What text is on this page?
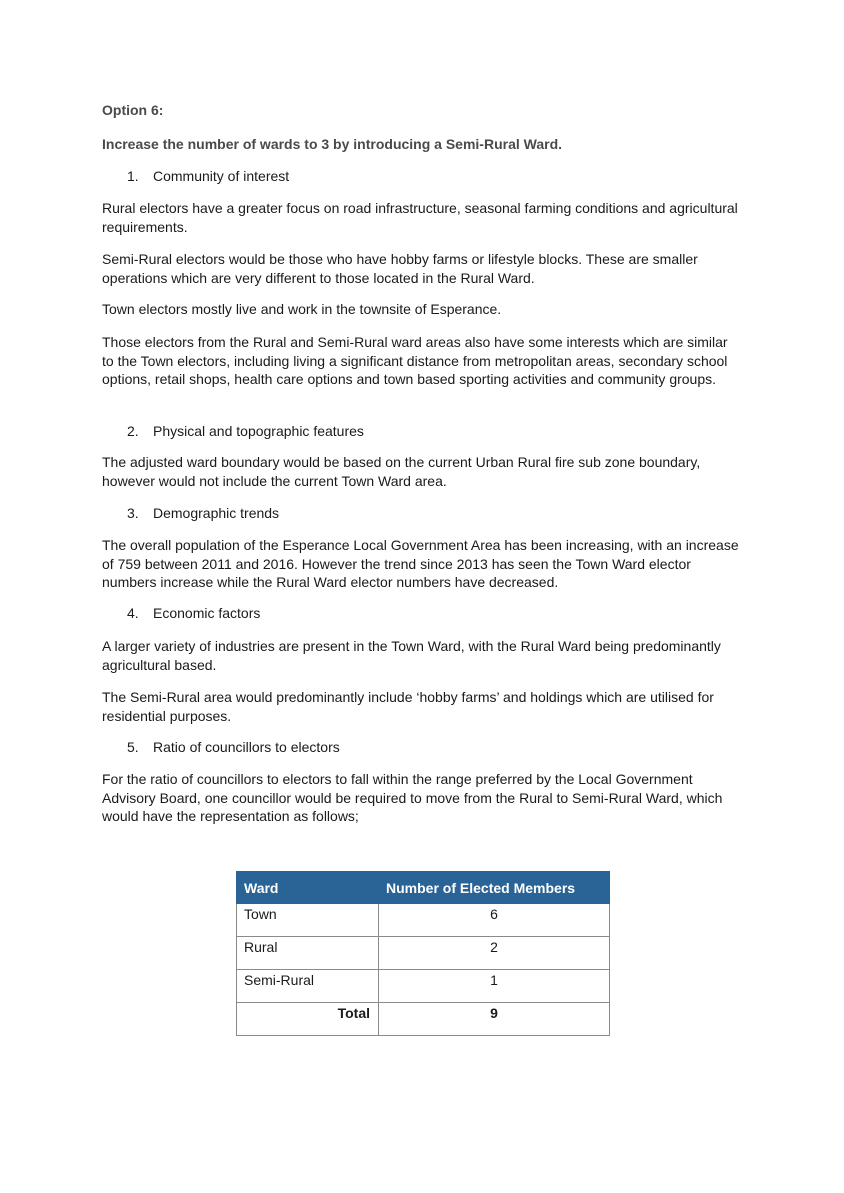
Option 6:
Increase the number of wards to 3 by introducing a Semi-Rural Ward.
1. Community of interest
Rural electors have a greater focus on road infrastructure, seasonal farming conditions and agricultural requirements.
Semi-Rural electors would be those who have hobby farms or lifestyle blocks. These are smaller operations which are very different to those located in the Rural Ward.
Town electors mostly live and work in the townsite of Esperance.
Those electors from the Rural and Semi-Rural ward areas also have some interests which are similar to the Town electors, including living a significant distance from metropolitan areas, secondary school options, retail shops, health care options and town based sporting activities and community groups.
2. Physical and topographic features
The adjusted ward boundary would be based on the current Urban Rural fire sub zone boundary, however would not include the current Town Ward area.
3. Demographic trends
The overall population of the Esperance Local Government Area has been increasing, with an increase of 759 between 2011 and 2016. However the trend since 2013 has seen the Town Ward elector numbers increase while the Rural Ward elector numbers have decreased.
4. Economic factors
A larger variety of industries are present in the Town Ward, with the Rural Ward being predominantly agricultural based.
The Semi-Rural area would predominantly include ‘hobby farms’ and holdings which are utilised for residential purposes.
5. Ratio of councillors to electors
For the ratio of councillors to electors to fall within the range preferred by the Local Government Advisory Board, one councillor would be required to move from the Rural to Semi-Rural Ward, which would have the representation as follows;
Ward	Number of Elected Members
Town	6
Rural	2
Semi-Rural	1
Total	9
